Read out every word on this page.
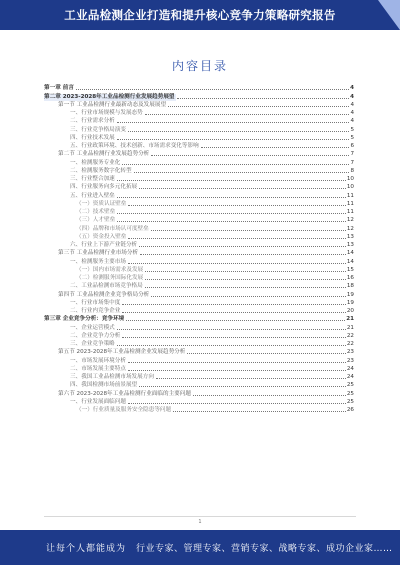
工业品检测企业打造和提升核心竞争力策略研究报告
内容目录
第一章 前言	4
第二章 2023-2028年工业品检测行业发展趋势展望	4
第一节 工业品检测行业最新动态及发展展望	4
一、行业市场规模与发展态势	4
二、行业需求分析	4
三、行业竞争格局演变	5
四、行业技术发展	5
五、行业政策环境、技术创新、市场需求变化等影响	6
第二节 工业品检测行业发展趋势分析	7
一、检测服务专业化	7
二、检测服务数字化转型	8
三、行业整合加速	10
四、行业服务向多元化拓展	10
五、行业进入壁垒	11
（一）资质认证壁垒	11
（二）技术壁垒	11
（三）人才壁垒	12
（四）品牌和市场认可度壁垒	12
（五）资金投入壁垒	13
六、行业上下游产业链分析	13
第三节 工业品检测行业市场分析	14
一、检测服务主要市场	14
（一）国内市场需求及发展	15
（二）检测服务国际化发展	16
二、工业品检测市场竞争格局	18
第四节 工业品检测企业竞争格局分析	19
一、行业市场集中度	19
二、行业内竞争企业	20
第三章 企业竞争分析：竞争环境	21
一、企业运营模式	21
二、企业竞争力分析	22
三、企业竞争策略	22
第五节 2023-2028年工业品检测企业发展趋势分析	23
一、市场发展环境分析	23
二、市场发展主要特点	24
三、我国工业品检测市场发展方向	24
四、我国检测市场前景展望	25
第六节 2023-2028年工业品检测行业面临的主要问题	25
一、行业发展面临问题	25
（一）行业质量及服务安全隐患等问题	26
1
让每个人都能成为 行业专家、管理专家、营销专家、战略专家、成功企业家……
